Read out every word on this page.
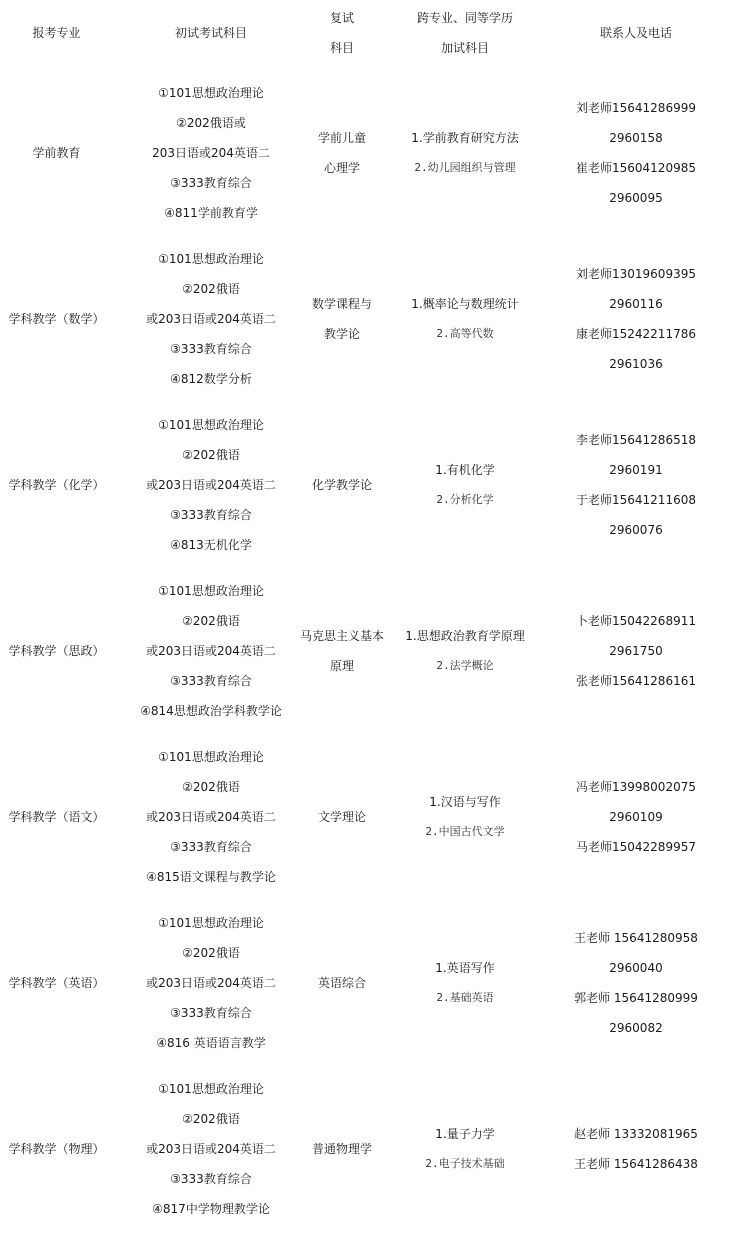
报考专业	初试考试科目
复试
科目
跨专业、同等学历
加试科目
联系人及电话
学前教育
①101思想政治理论
②202俄语或
203日语或204英语二
③333教育综合
④811学前教育学
学前儿童
心理学
1.学前教育研究方法
2.幼儿园组织与管理
刘老师15641286999
2960158
崔老师15604120985
2960095
学科教学（数学）
①101思想政治理论
②202俄语
或203日语或204英语二
③333教育综合
④812数学分析
数学课程与
教学论
1.概率论与数理统计
2.高等代数
刘老师13019609395
2960116
康老师15242211786
2961036
学科教学（化学）
①101思想政治理论
②202俄语
或203日语或204英语二
③333教育综合
④813无机化学
化学教学论
1.有机化学
2.分析化学
李老师15641286518
2960191
于老师15641211608
2960076
学科教学（思政）
①101思想政治理论
②202俄语
或203日语或204英语二
③333教育综合
④814思想政治学科教学论
马克思主义基本
原理
1.思想政治教育学原理
2.法学概论
卜老师15042268911
2961750
张老师15641286161
学科教学（语文）
①101思想政治理论
②202俄语
或203日语或204英语二
③333教育综合
④815语文课程与教学论
文学理论
1.汉语与写作
2.中国古代文学
冯老师13998002075
2960109
马老师15042289957
学科教学（英语）
①101思想政治理论
②202俄语
或203日语或204英语二
③333教育综合
④816 英语语言教学
英语综合
1.英语写作
2.基础英语
王老师 15641280958
2960040
郭老师 15641280999
2960082
学科教学（物理）
①101思想政治理论
②202俄语
或203日语或204英语二
③333教育综合
④817中学物理教学论
普通物理学
1.量子力学
2.电子技术基础
赵老师 13332081965
王老师 15641286438
